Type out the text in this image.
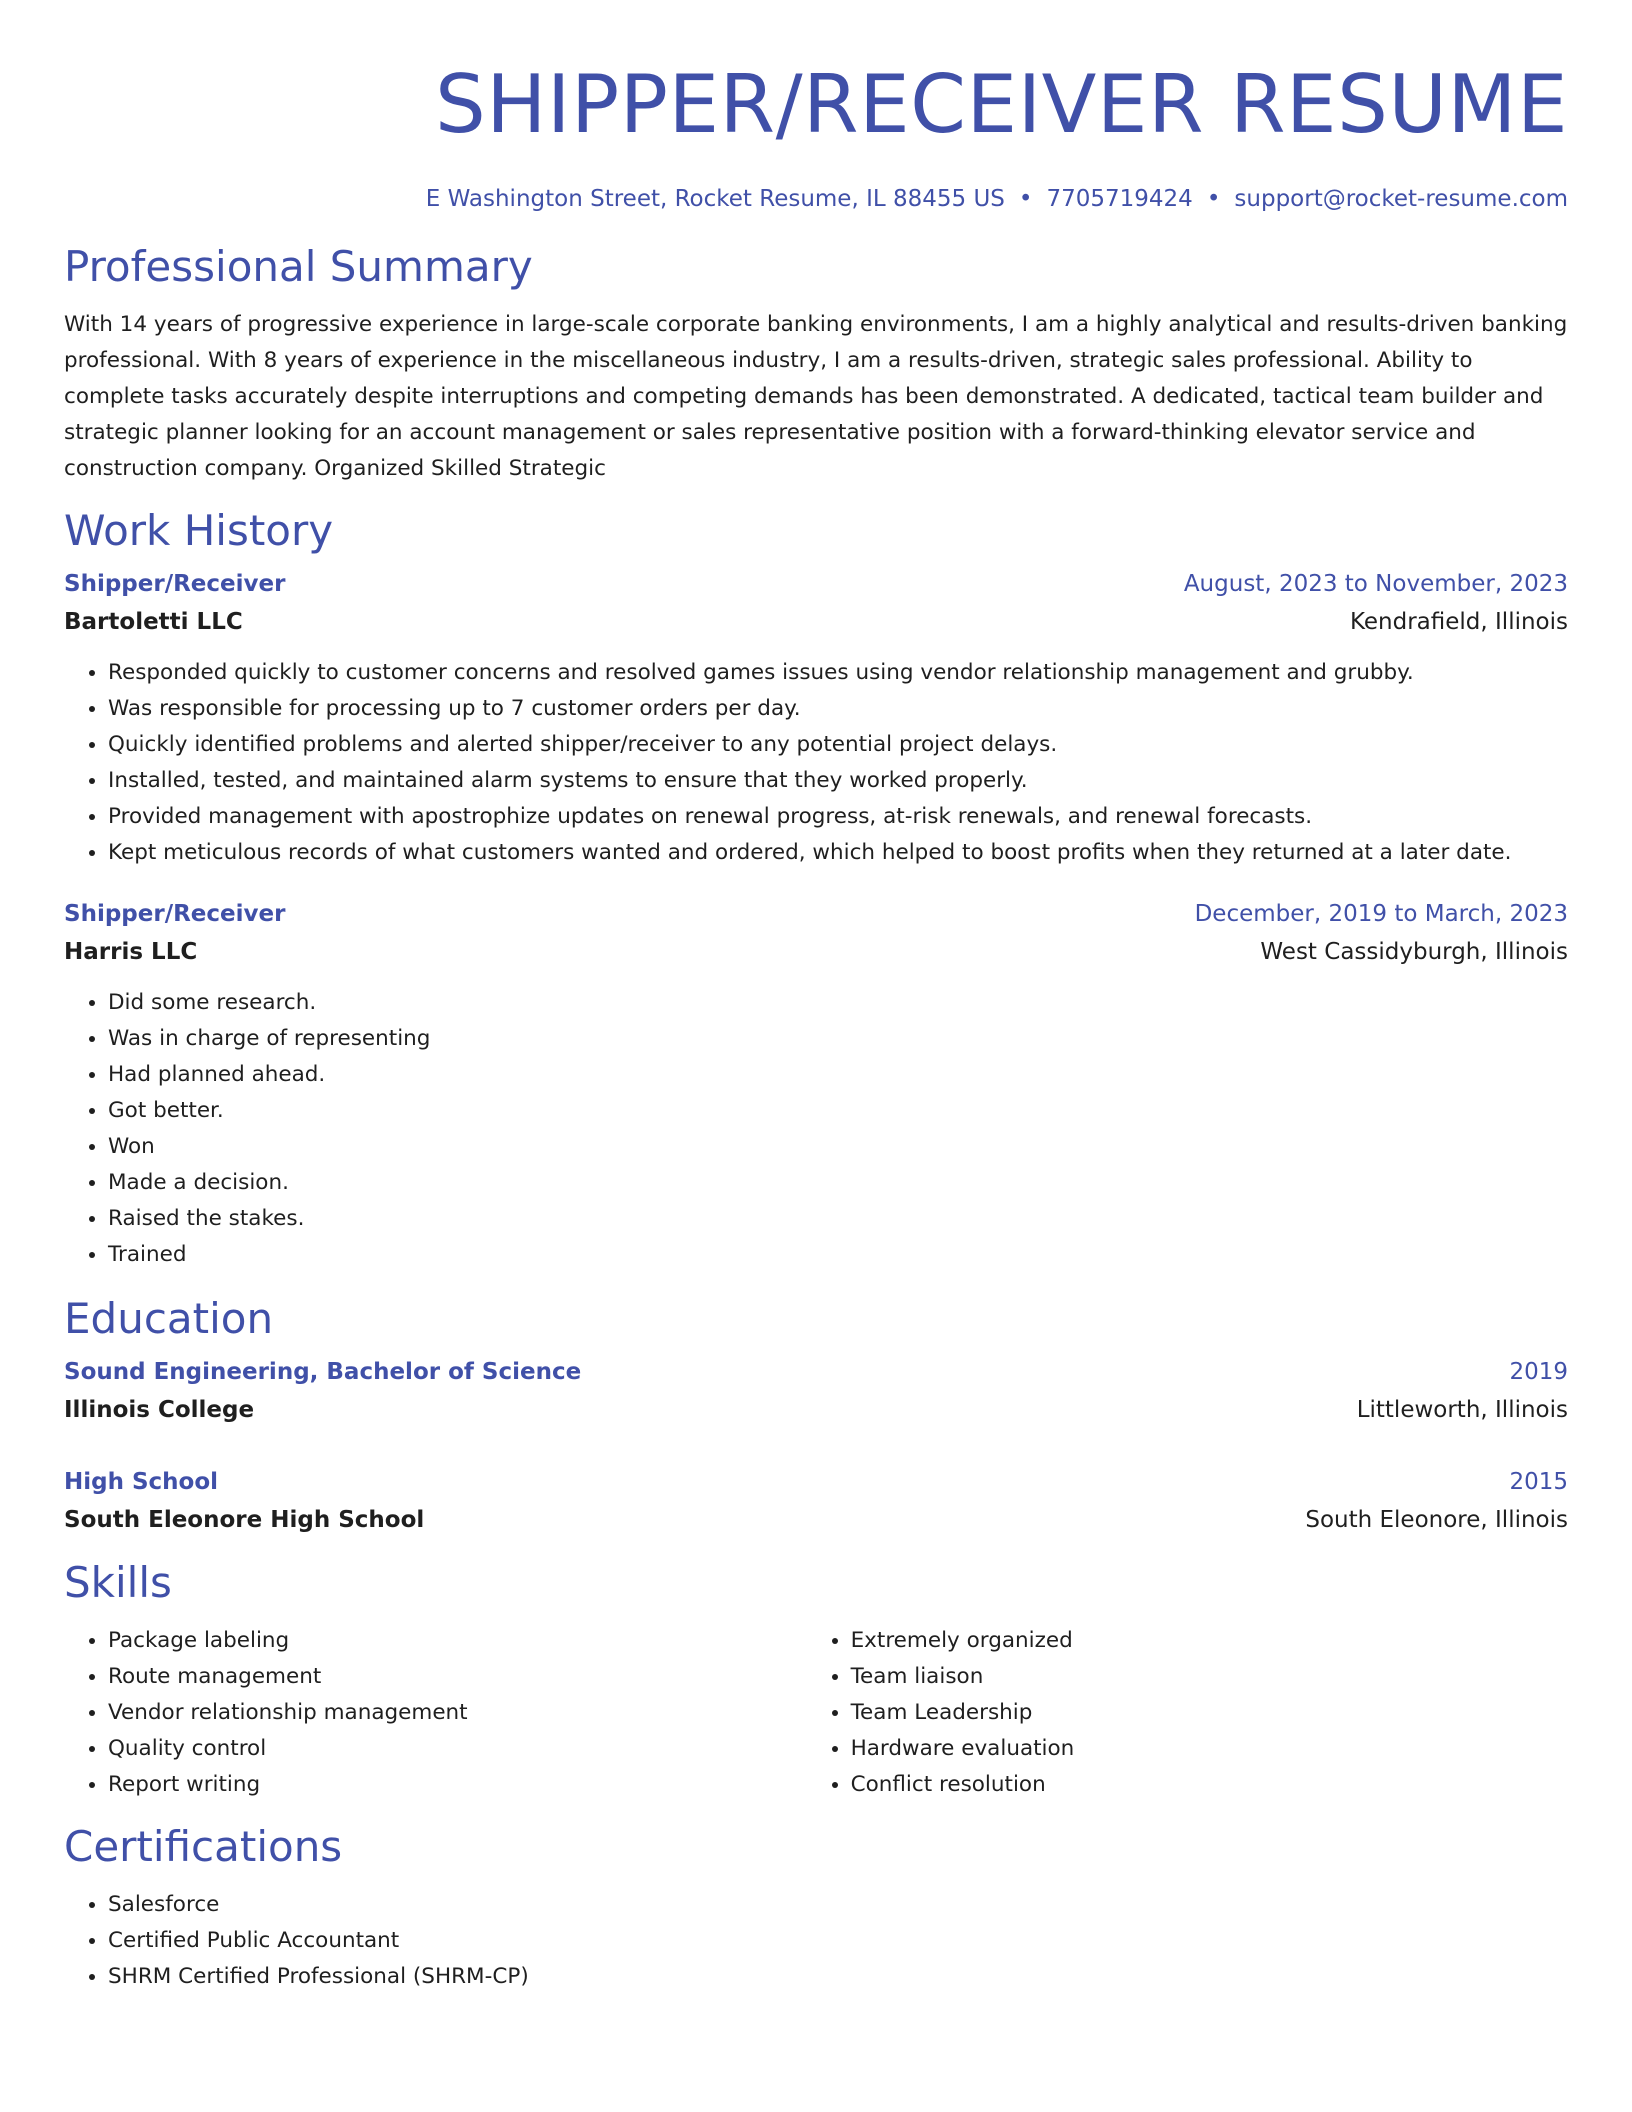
SHIPPER/RECEIVER RESUME
E Washington Street, Rocket Resume, IL 88455 US • 7705719424 • support@rocket-resume.com
Professional Summary

With 14 years of progressive experience in large-scale corporate banking environments, I am a highly analytical and results-driven banking professional. With 8 years of experience in the miscellaneous industry, I am a results-driven, strategic sales professional. Ability to complete tasks accurately despite interruptions and competing demands has been demonstrated. A dedicated, tactical team builder and strategic planner looking for an account management or sales representative position with a forward-thinking elevator service and construction company. Organized Skilled Strategic

Work History
Shipper/Receiver	August, 2023 to November, 2023
Bartoletti LLC	Kendrafield, Illinois
• Responded quickly to customer concerns and resolved games issues using vendor relationship management and grubby.
• Was responsible for processing up to 7 customer orders per day.
• Quickly identified problems and alerted shipper/receiver to any potential project delays.
• Installed, tested, and maintained alarm systems to ensure that they worked properly.
• Provided management with apostrophize updates on renewal progress, at-risk renewals, and renewal forecasts.
• Kept meticulous records of what customers wanted and ordered, which helped to boost profits when they returned at a later date.
Shipper/Receiver	December, 2019 to March, 2023
Harris LLC	West Cassidyburgh, Illinois
• Did some research.
• Was in charge of representing
• Had planned ahead.
• Got better.
• Won
• Made a decision.
• Raised the stakes.
• Trained
Education
Sound Engineering, Bachelor of Science	2019
Illinois College	Littleworth, Illinois
High School	2015
South Eleonore High School	South Eleonore, Illinois
Skills
• Package labeling
• Route management
• Vendor relationship management
• Quality control
• Report writing
• Extremely organized
• Team liaison
• Team Leadership
• Hardware evaluation
• Conflict resolution
Certifications
• Salesforce
• Certified Public Accountant
• SHRM Certified Professional (SHRM-CP)
